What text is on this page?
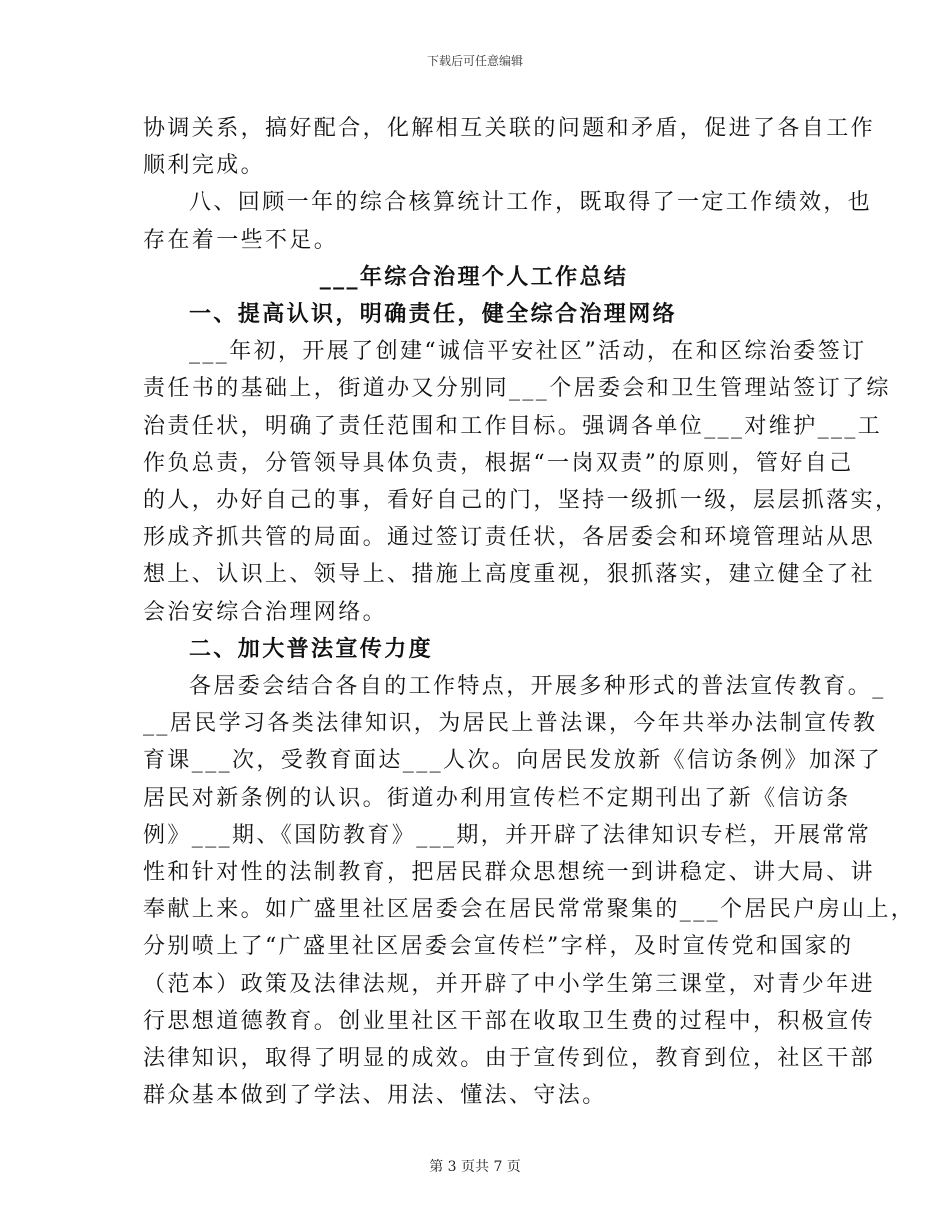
下载后可任意编辑

协调关系，搞好配合，化解相互关联的问题和矛盾，促进了各自工作

顺利完成。

八、回顾一年的综合核算统计工作，既取得了一定工作绩效，也

存在着一些不足。

___年综合治理个人工作总结

一、提高认识，明确责任，健全综合治理网络

___年初，开展了创建“诚信平安社区”活动，在和区综治委签订

责任书的基础上，街道办又分别同___个居委会和卫生管理站签订了综

治责任状，明确了责任范围和工作目标。强调各单位___对维护___工

作负总责，分管领导具体负责，根据“一岗双责”的原则，管好自己

的人，办好自己的事，看好自己的门，坚持一级抓一级，层层抓落实，

形成齐抓共管的局面。通过签订责任状，各居委会和环境管理站从思

想上、认识上、领导上、措施上高度重视，狠抓落实，建立健全了社

会治安综合治理网络。

二、加大普法宣传力度

各居委会结合各自的工作特点，开展多种形式的普法宣传教育。_

__居民学习各类法律知识，为居民上普法课，今年共举办法制宣传教

育课___次，受教育面达___人次。向居民发放新《信访条例》加深了

居民对新条例的认识。街道办利用宣传栏不定期刊出了新《信访条

例》___期、《国防教育》___期，并开辟了法律知识专栏，开展常常

性和针对性的法制教育，把居民群众思想统一到讲稳定、讲大局、讲

奉献上来。如广盛里社区居委会在居民常常聚集的___个居民户房山上，

分别喷上了“广盛里社区居委会宣传栏”字样，及时宣传党和国家的

（范本）政策及法律法规，并开辟了中小学生第三课堂，对青少年进

行思想道德教育。创业里社区干部在收取卫生费的过程中，积极宣传

法律知识，取得了明显的成效。由于宣传到位，教育到位，社区干部

群众基本做到了学法、用法、懂法、守法。

第 3 页共 7 页
